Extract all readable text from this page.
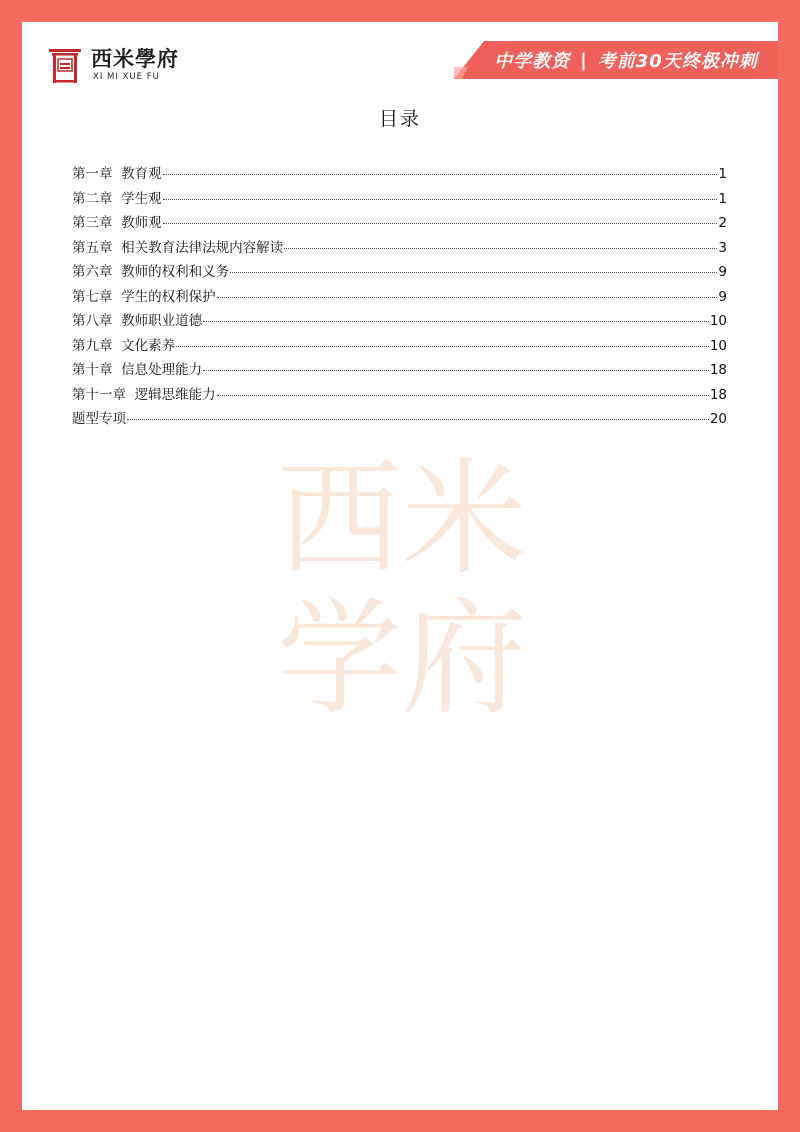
西米學府
XI MI XUE FU
中学教资 | 考前30天终极冲刺
西米
学府
目录
第一章  教育观	1
第二章  学生观	1
第三章  教师观	2
第五章  相关教育法律法规内容解读	3
第六章  教师的权利和义务	9
第七章  学生的权利保护	9
第八章  教师职业道德	10
第九章  文化素养	10
第十章  信息处理能力	18
第十一章  逻辑思维能力	18
题型专项	20
